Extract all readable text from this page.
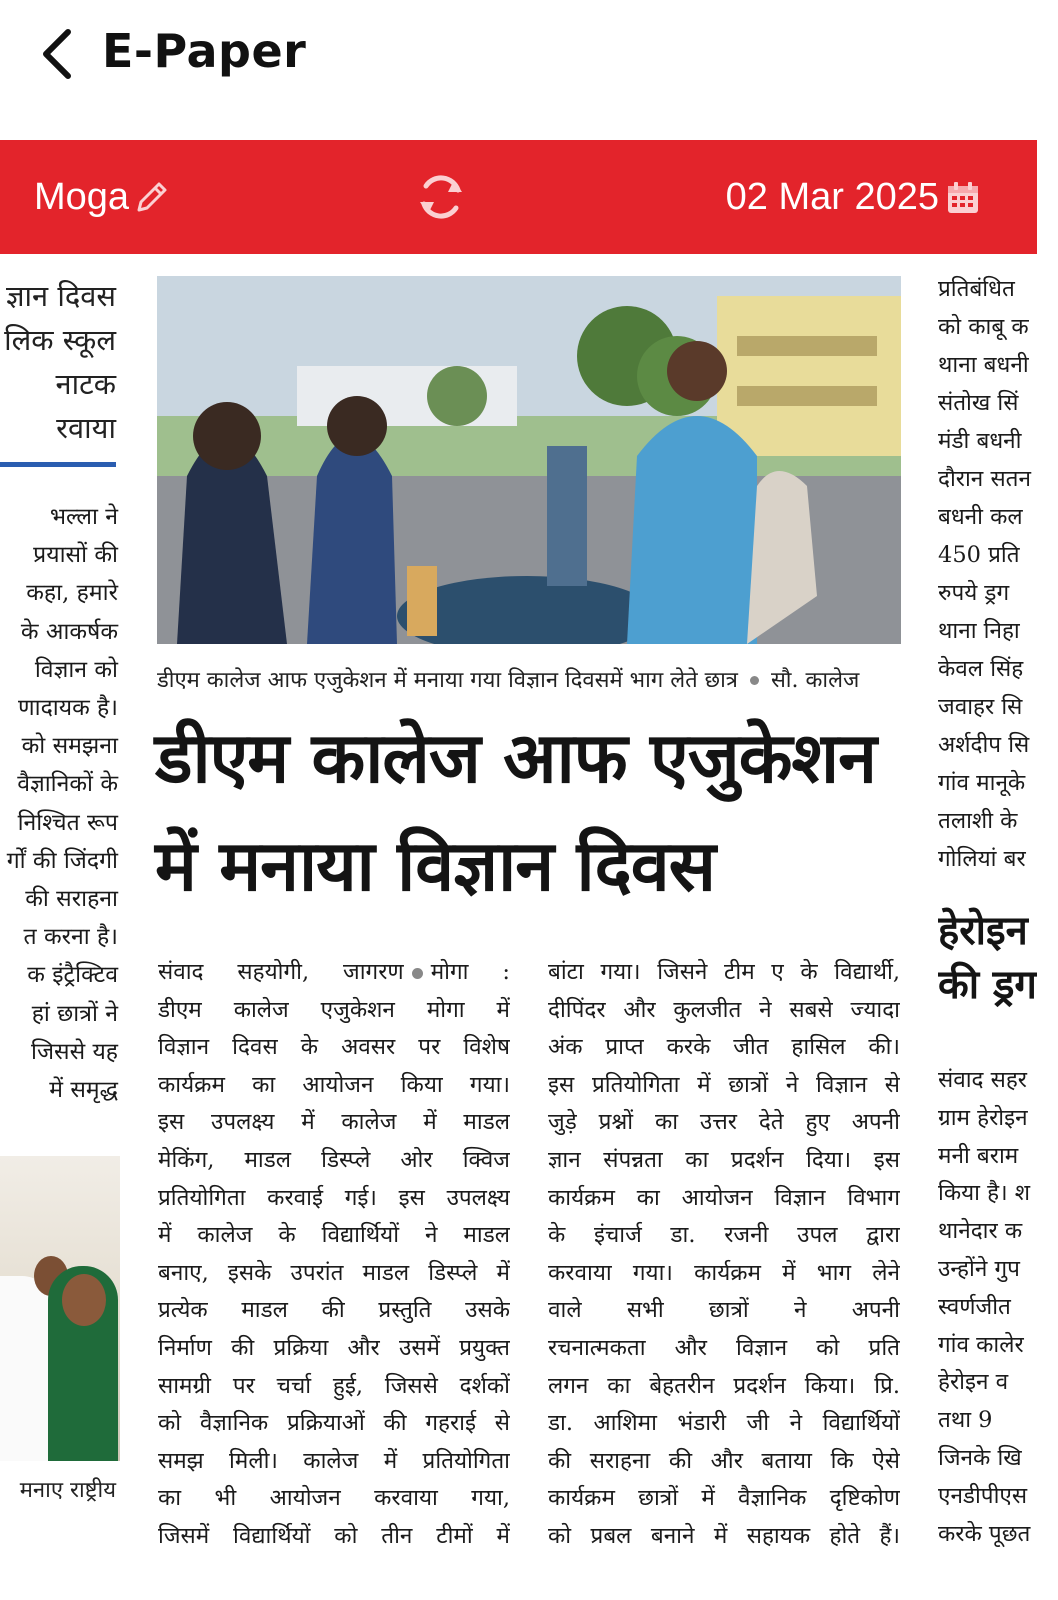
E-Paper
Moga	02 Mar 2025
ज्ञान दिवस
लिक स्कूल
नाटक
रवाया
भल्ला ने
प्रयासों की
कहा, हमारे
के आकर्षक
विज्ञान को
णादायक है।
को समझना
वैज्ञानिकों के
निश्चित रूप
र्गों की जिंदगी
की सराहना
त करना है।
क इंट्रैक्टिव
हां छात्रों ने
जिससे यह
में समृद्ध
मनाए राष्ट्रीय
डीएम कालेज आफ एजुकेशन में मनाया गया विज्ञान दिवसमें भाग लेते छात्र सौ. कालेज
डीएम कालेज आफ एजुकेशन
में मनाया विज्ञान दिवस
संवाद सहयोगी, जागरण मोगा :
डीएम कालेज एजुकेशन मोगा में
विज्ञान दिवस के अवसर पर विशेष
कार्यक्रम का आयोजन किया गया।
इस उपलक्ष्य में कालेज में माडल
मेकिंग, माडल डिस्प्ले ओर क्विज
प्रतियोगिता करवाई गई। इस उपलक्ष्य
में कालेज के विद्यार्थियों ने माडल
बनाए, इसके उपरांत माडल डिस्प्ले में
प्रत्येक माडल की प्रस्तुति उसके
निर्माण की प्रक्रिया और उसमें प्रयुक्त
सामग्री पर चर्चा हुई, जिससे दर्शकों
को वैज्ञानिक प्रक्रियाओं की गहराई से
समझ मिली। कालेज में प्रतियोगिता
का भी आयोजन करवाया गया,
जिसमें विद्यार्थियों को तीन टीमों में
बांटा गया। जिसने टीम ए के विद्यार्थी,
दीपिंदर और कुलजीत ने सबसे ज्यादा
अंक प्राप्त करके जीत हासिल की।
इस प्रतियोगिता में छात्रों ने विज्ञान से
जुड़े प्रश्नों का उत्तर देते हुए अपनी
ज्ञान संपन्नता का प्रदर्शन दिया। इस
कार्यक्रम का आयोजन विज्ञान विभाग
के इंचार्ज डा. रजनी उपल द्वारा
करवाया गया। कार्यक्रम में भाग लेने
वाले सभी छात्रों ने अपनी
रचनात्मकता और विज्ञान को प्रति
लगन का बेहतरीन प्रदर्शन किया। प्रि.
डा. आशिमा भंडारी जी ने विद्यार्थियों
की सराहना की और बताया कि ऐसे
कार्यक्रम छात्रों में वैज्ञानिक दृष्टिकोण
को प्रबल बनाने में सहायक होते हैं।
प्रतिबंधित
को काबू क
थाना बधनी
संतोख सिं
मंडी बधनी
दौरान सतन
बधनी कल
450 प्रति
रुपये ड्रग
थाना निहा
केवल सिंह
जवाहर सि
अर्शदीप सि
गांव मानूके
तलाशी के
गोलियां बर
हेरोइन
की ड्रग
संवाद सहर
ग्राम हेरोइन
मनी बराम
किया है। श
थानेदार क
उन्होंने गुप
स्वर्णजीत
गांव कालेर
हेरोइन व
तथा 9
जिनके खि
एनडीपीएस
करके पूछत
